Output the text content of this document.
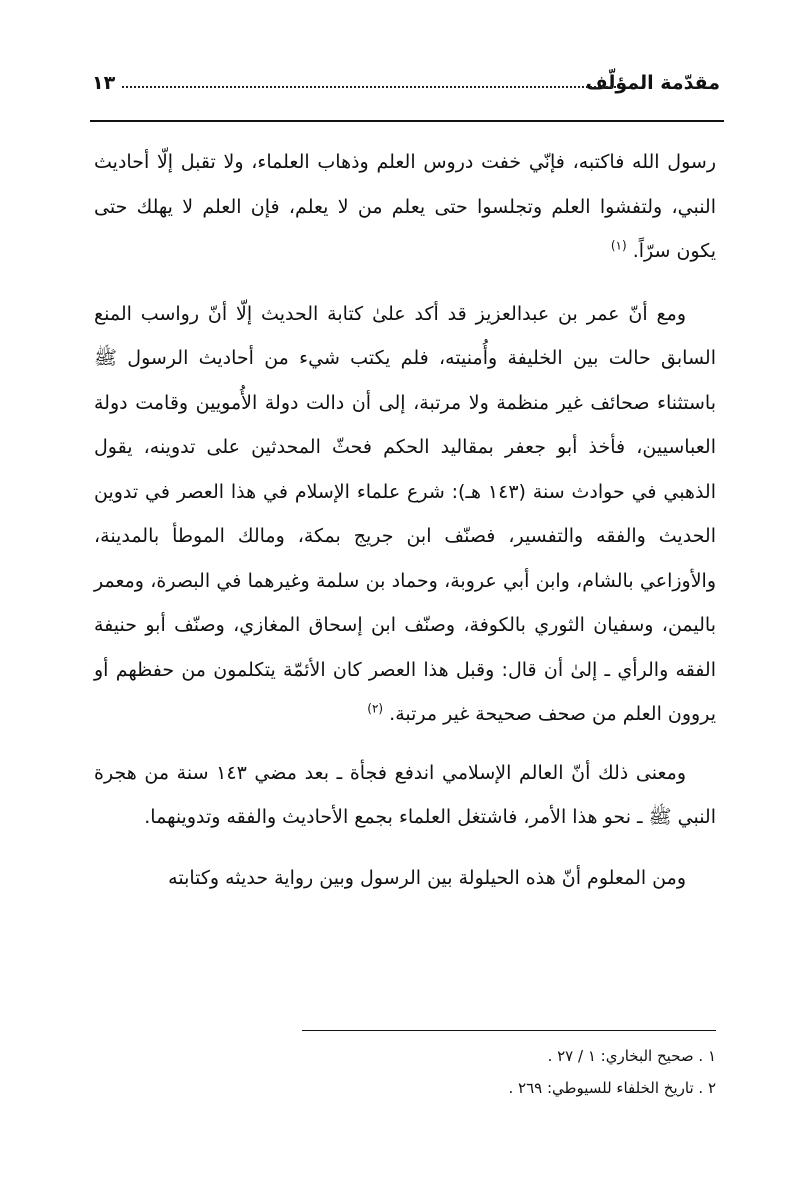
مقدّمة المؤلّف
١٣

رسول الله فاكتبه، فإنّي خفت دروس العلم وذهاب العلماء، ولا تقبل إلّا أحاديث النبي، ولتفشوا العلم وتجلسوا حتى يعلم من لا يعلم، فإن العلم لا يهلك حتى يكون سرّاً. $^{(١)}$

ومع أنّ عمر بن عبدالعزيز قد أكد علىٰ كتابة الحديث إلّا أنّ رواسب المنع السابق حالت بين الخليفة وأُمنيته، فلم يكتب شيء من أحاديث الرسول ﷺ باستثناء صحائف غير منظمة ولا مرتبة، إلى أن دالت دولة الأُمويين وقامت دولة العباسيين، فأخذ أبو جعفر بمقاليد الحكم فحثّ المحدثين على تدوينه، يقول الذهبي في حوادث سنة (١٤٣ هـ): شرع علماء الإسلام في هذا العصر في تدوين الحديث والفقه والتفسير، فصنّف ابن جريج بمكة، ومالك الموطأ بالمدينة، والأوزاعي بالشام، وابن أبي عروبة، وحماد بن سلمة وغيرهما في البصرة، ومعمر باليمن، وسفيان الثوري بالكوفة، وصنّف ابن إسحاق المغازي، وصنّف أبو حنيفة الفقه والرأي ـ إلىٰ أن قال: وقبل هذا العصر كان الأئمّة يتكلمون من حفظهم أو يروون العلم من صحف صحيحة غير مرتبة. $^{(٢)}$

ومعنى ذلك أنّ العالم الإسلامي اندفع فجأة ـ بعد مضي ١٤٣ سنة من هجرة النبي ﷺ ـ نحو هذا الأمر، فاشتغل العلماء بجمع الأحاديث والفقه وتدوينهما.

ومن المعلوم أنّ هذه الحيلولة بين الرسول وبين رواية حديثه وكتابته

١ . صحيح البخاري: ١ / ٢٧ .
٢ . تاريخ الخلفاء للسيوطي: ٢٦٩ .
